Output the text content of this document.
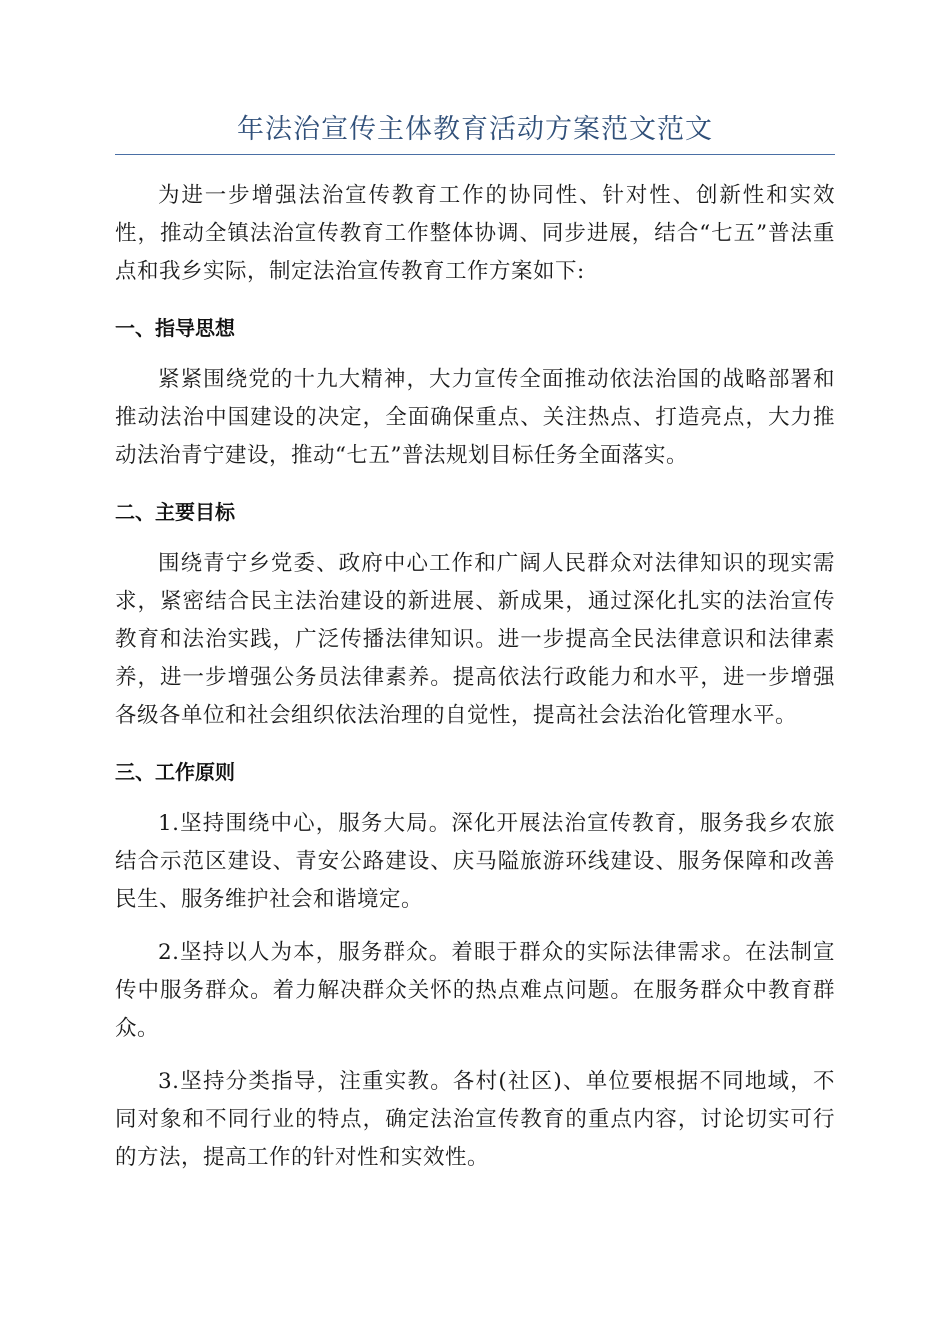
年法治宣传主体教育活动方案范文范文

为进一步增强法治宣传教育工作的协同性、针对性、创新性和实效性，推动全镇法治宣传教育工作整体协调、同步进展，结合“七五”普法重点和我乡实际，制定法治宣传教育工作方案如下:

一、指导思想

紧紧围绕党的十九大精神，大力宣传全面推动依法治国的战略部署和推动法治中国建设的决定，全面确保重点、关注热点、打造亮点，大力推动法治青宁建设，推动“七五”普法规划目标任务全面落实。

二、主要目标

围绕青宁乡党委、政府中心工作和广阔人民群众对法律知识的现实需求，紧密结合民主法治建设的新进展、新成果，通过深化扎实的法治宣传教育和法治实践，广泛传播法律知识。进一步提高全民法律意识和法律素养，进一步增强公务员法律素养。提高依法行政能力和水平，进一步增强各级各单位和社会组织依法治理的自觉性，提高社会法治化管理水平。

三、工作原则

1.坚持围绕中心，服务大局。深化开展法治宣传教育，服务我乡农旅结合示范区建设、青安公路建设、庆马隘旅游环线建设、服务保障和改善民生、服务维护社会和谐境定。

2.坚持以人为本，服务群众。着眼于群众的实际法律需求。在法制宣传中服务群众。着力解决群众关怀的热点难点问题。在服务群众中教育群众。

3.坚持分类指导，注重实教。各村(社区)、单位要根据不同地域，不同对象和不同行业的特点，确定法治宣传教育的重点内容，讨论切实可行的方法，提高工作的针对性和实效性。
